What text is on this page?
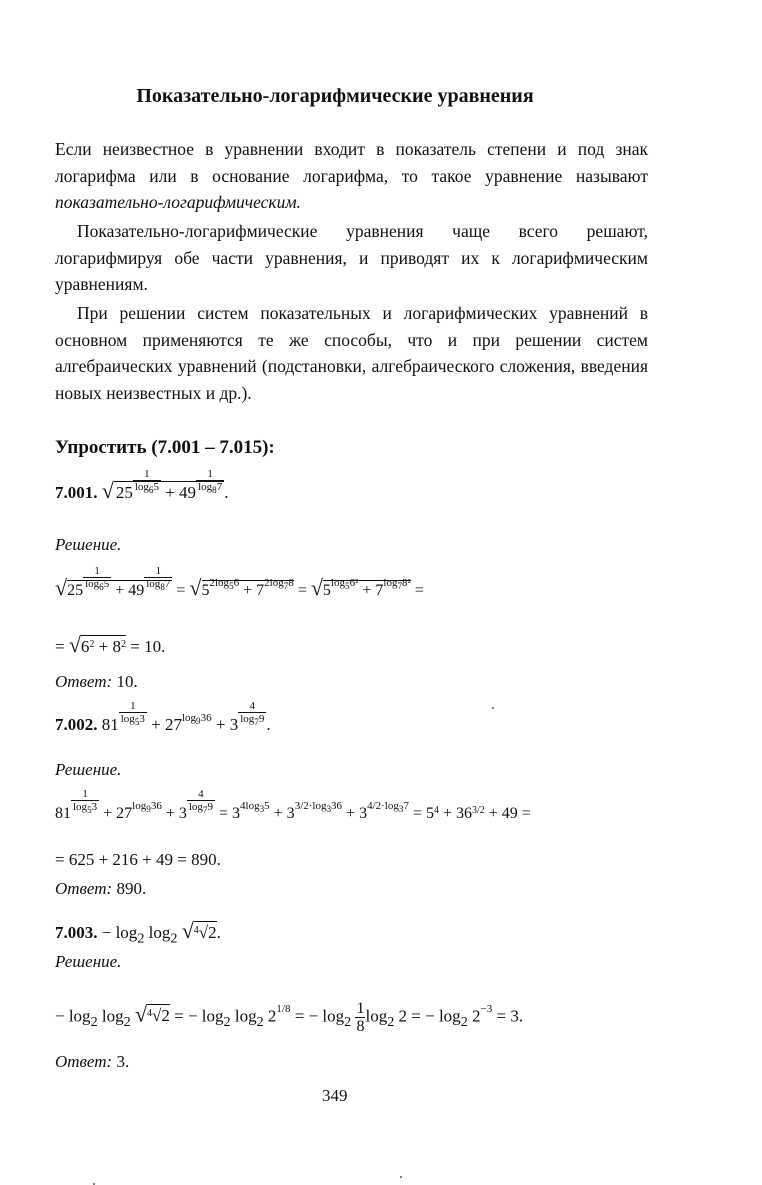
Показательно-логарифмические уравнения
Если неизвестное в уравнении входит в показатель степени и под знак логарифма или в основание логарифма, то такое уравнение называют показательно-логарифмическим.
Показательно-логарифмические уравнения чаще всего решают, логарифмируя обе части уравнения, и приводят их к логарифмическим уравнениям.
При решении систем показательных и логарифмических уравнений в основном применяются те же способы, что и при решении систем алгебраических уравнений (подстановки, алгебраического сложения, введения новых неизвестных и др.).
Упростить (7.001 – 7.015):
7.001. √ $25 \frac{1}{\log_65} + 49 \frac{1}{\log_87}$ .
Решение.
$√25 \frac{1}{\log_65} + 49 \frac{1}{\log_87} = √5^{2log_56} + 7^{2log_78} = √5^{log_56^2} + 7^{log_78^2}$ =
= $√6^2 + 8^2 = 10$.
Ответ: 10.
7.002. $81 \frac{1}{\log_53} + 27^{log_936} + 3 \frac{4}{\log_79}$ .
Решение.
$81 \frac{1}{\log_53} + 27^{log_936} + 3 \frac{4}{\log_79} = 3^{4log_35} + 3^{3/2\cdot log_336} + 3^{4/2\cdot log_37} = 5^4 + 36^{3/2} + 49$ =
= 625 + 216 + 49 = 890.
Ответ: 890.
7.003. − $\log_2 \log_2 √^4√2$.
Решение.
− $\log_2 \log_2 √^4√2$ = − $\log_2 \log_2 2^{1/8}$ = − $\log_2 \frac{1}{8} \log_2 2$ = − $\log_2 2^{-3} = 3$.
Ответ: 3.
349
